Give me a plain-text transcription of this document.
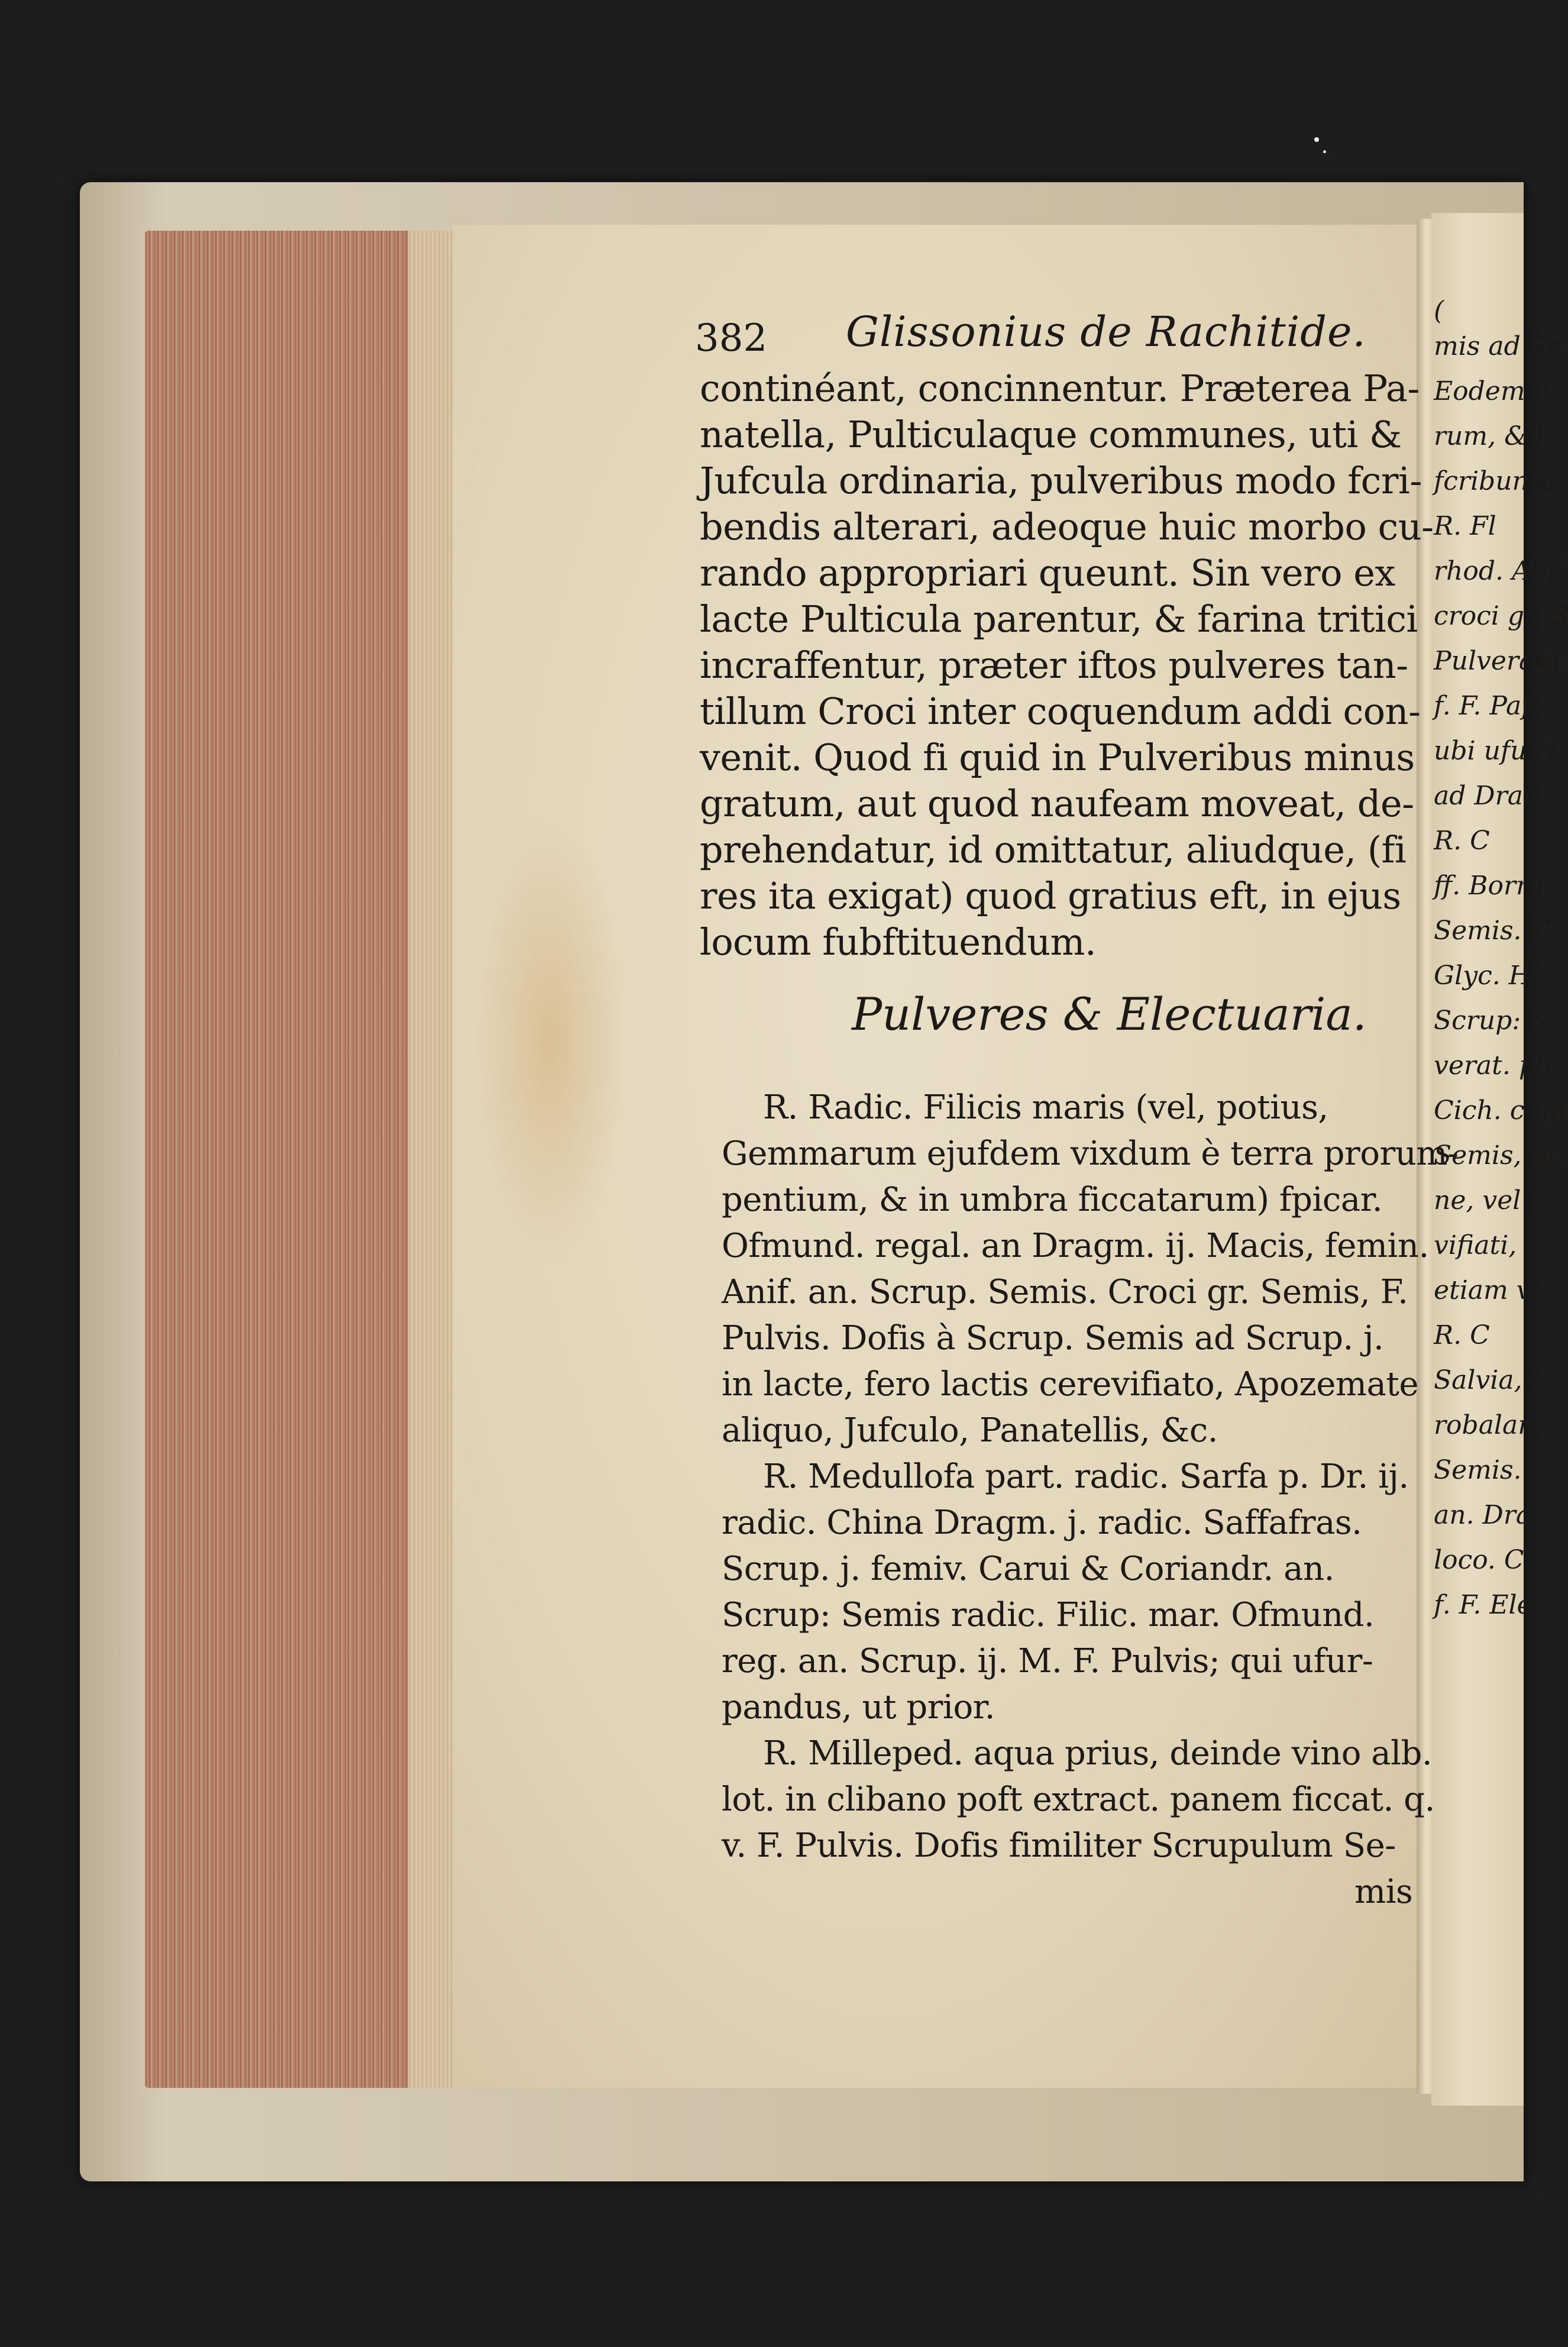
(
mis ad Sc
Eodem r
rum, & l
fcribuntu
R. Fl
rhod. Abf
croci gr. S
Pulverata
f. F. Paft
ubi ufus f
ad Drag
R. C
ff. Borra
Semis. C
Glyc. Hi
Scrup: S
verat. pu
Cich. cum
Semis, Sc
ne, vel f
vifiati,
etiam vi
R. C
Salvia, (
robalan.
Semis.
an. Dra
loco. C
f. F. Ele
382 Glissonius de Rachitide.
continéant, concinnentur. Præterea Pa-
natella, Pulticulaque communes, uti &
Jufcula ordinaria, pulveribus modo fcri-
bendis alterari, adeoque huic morbo cu-
rando appropriari queunt. Sin vero ex
lacte Pulticula parentur, & farina tritici
incraffentur, præter iftos pulveres tan-
tillum Croci inter coquendum addi con-
venit. Quod fi quid in Pulveribus minus
gratum, aut quod naufeam moveat, de-
prehendatur, id omittatur, aliudque, (fi
res ita exigat) quod gratius eft, in ejus
locum fubftituendum.
Pulveres & Electuaria.
R. Radic. Filicis maris (vel, potius,
Gemmarum ejufdem vixdum è terra prorum-
pentium, & in umbra ficcatarum) fpicar.
Ofmund. regal. an Dragm. ij. Macis, femin.
Anif. an. Scrup. Semis. Croci gr. Semis, F.
Pulvis. Dofis à Scrup. Semis ad Scrup. j.
in lacte, fero lactis cerevifiato, Apozemate
aliquo, Jufculo, Panatellis, &c.
R. Medullofa part. radic. Sarfa p. Dr. ij.
radic. China Dragm. j. radic. Saffafras.
Scrup. j. femiv. Carui & Coriandr. an.
Scrup: Semis radic. Filic. mar. Ofmund.
reg. an. Scrup. ij. M. F. Pulvis; qui ufur-
pandus, ut prior.
R. Milleped. aqua prius, deinde vino alb.
lot. in clibano poft extract. panem ficcat. q.
v. F. Pulvis. Dofis fimiliter Scrupulum Se-
mis
